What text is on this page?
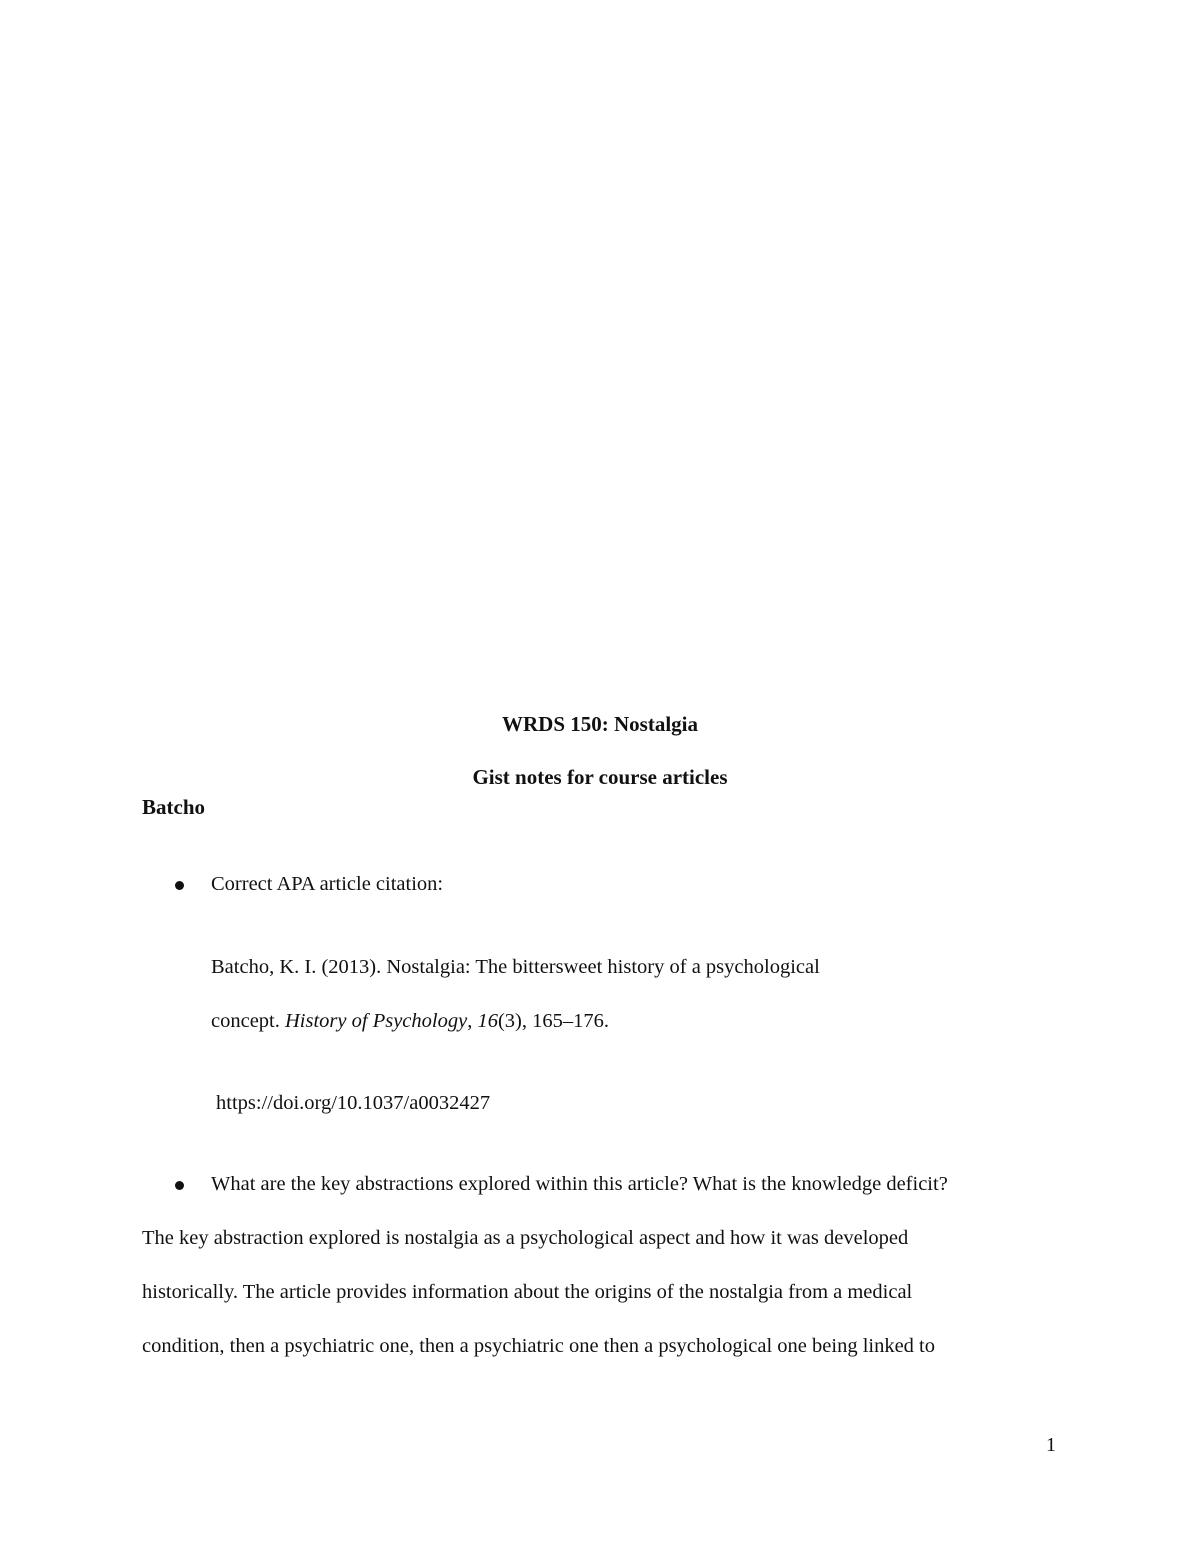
WRDS 150: Nostalgia
Gist notes for course articles
Batcho
Correct APA article citation:
Batcho, K. I. (2013). Nostalgia: The bittersweet history of a psychological
concept. History of Psychology, 16(3), 165–176.
https://doi.org/10.1037/a0032427
What are the key abstractions explored within this article? What is the knowledge deficit?
The key abstraction explored is nostalgia as a psychological aspect and how it was developed
historically. The article provides information about the origins of the nostalgia from a medical
condition, then a psychiatric one, then a psychiatric one then a psychological one being linked to
1
